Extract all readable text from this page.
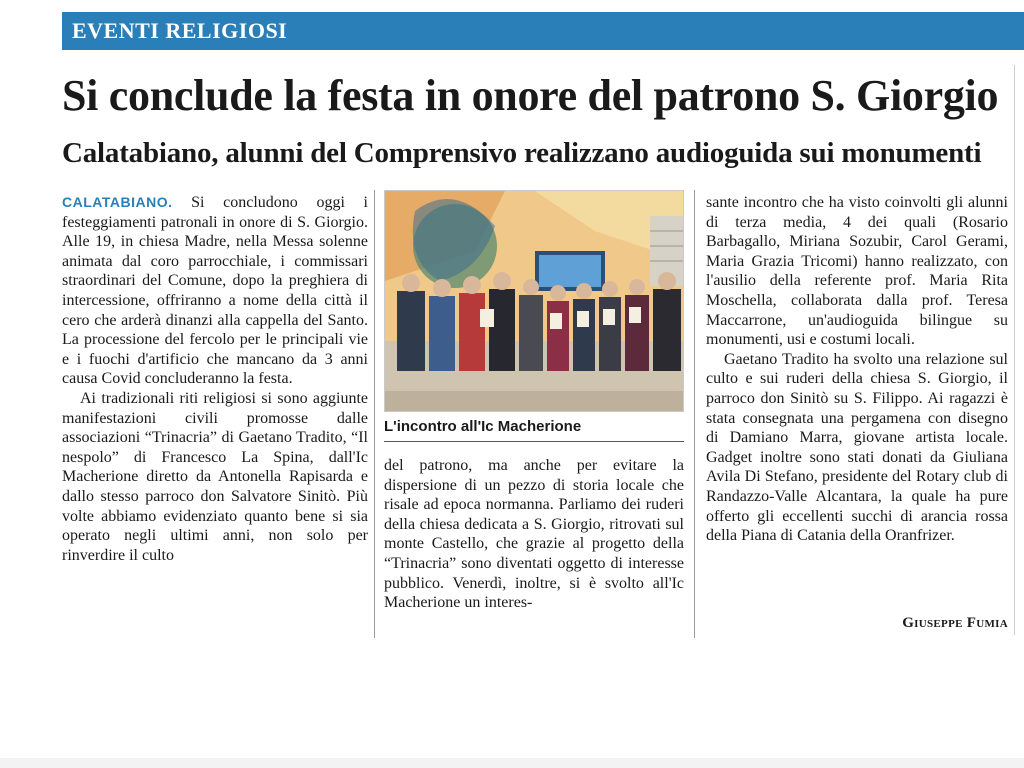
EVENTI RELIGIOSI
Si conclude la festa in onore del patrono S. Giorgio
Calatabiano, alunni del Comprensivo realizzano audioguida sui monumenti

CALATABIANO. Si concludono oggi i festeggiamenti patronali in onore di S. Giorgio. Alle 19, in chiesa Madre, nella Messa solenne animata dal coro parrocchiale, i commissari straordinari del Comune, dopo la preghiera di intercessione, offriranno a nome della città il cero che arderà dinanzi alla cappella del Santo. La processione del fercolo per le principali vie e i fuochi d'artificio che mancano da 3 anni causa Covid concluderanno la festa.

Ai tradizionali riti religiosi si sono aggiunte manifestazioni civili promosse dalle associazioni “Trinacria” di Gaetano Tradito, “Il nespolo” di Francesco La Spina, dall'Ic Macherione diretto da Antonella Rapisarda e dallo stesso parroco don Salvatore Sinitò. Più volte abbiamo evidenziato quanto bene si sia operato negli ultimi anni, non solo per rinverdire il culto

L'incontro all'Ic Macherione

del patrono, ma anche per evitare la dispersione di un pezzo di storia locale che risale ad epoca normanna. Parliamo dei ruderi della chiesa dedicata a S. Giorgio, ritrovati sul monte Castello, che grazie al progetto della “Trinacria” sono diventati oggetto di interesse pubblico. Venerdì, inoltre, si è svolto all'Ic Macherione un interes-

sante incontro che ha visto coinvolti gli alunni di terza media, 4 dei quali (Rosario Barbagallo, Miriana Sozubir, Carol Gerami, Maria Grazia Tricomi) hanno realizzato, con l'ausilio della referente prof. Maria Rita Moschella, collaborata dalla prof. Teresa Maccarrone, un'audioguida bilingue su monumenti, usi e costumi locali.

Gaetano Tradito ha svolto una relazione sul culto e sui ruderi della chiesa S. Giorgio, il parroco don Sinitò su S. Filippo. Ai ragazzi è stata consegnata una pergamena con disegno di Damiano Marra, giovane artista locale. Gadget inoltre sono stati donati da Giuliana Avila Di Stefano, presidente del Rotary club di Randazzo-Valle Alcantara, la quale ha pure offerto gli eccellenti succhi di arancia rossa della Piana di Catania della Oranfrizer.

Giuseppe Fumia
